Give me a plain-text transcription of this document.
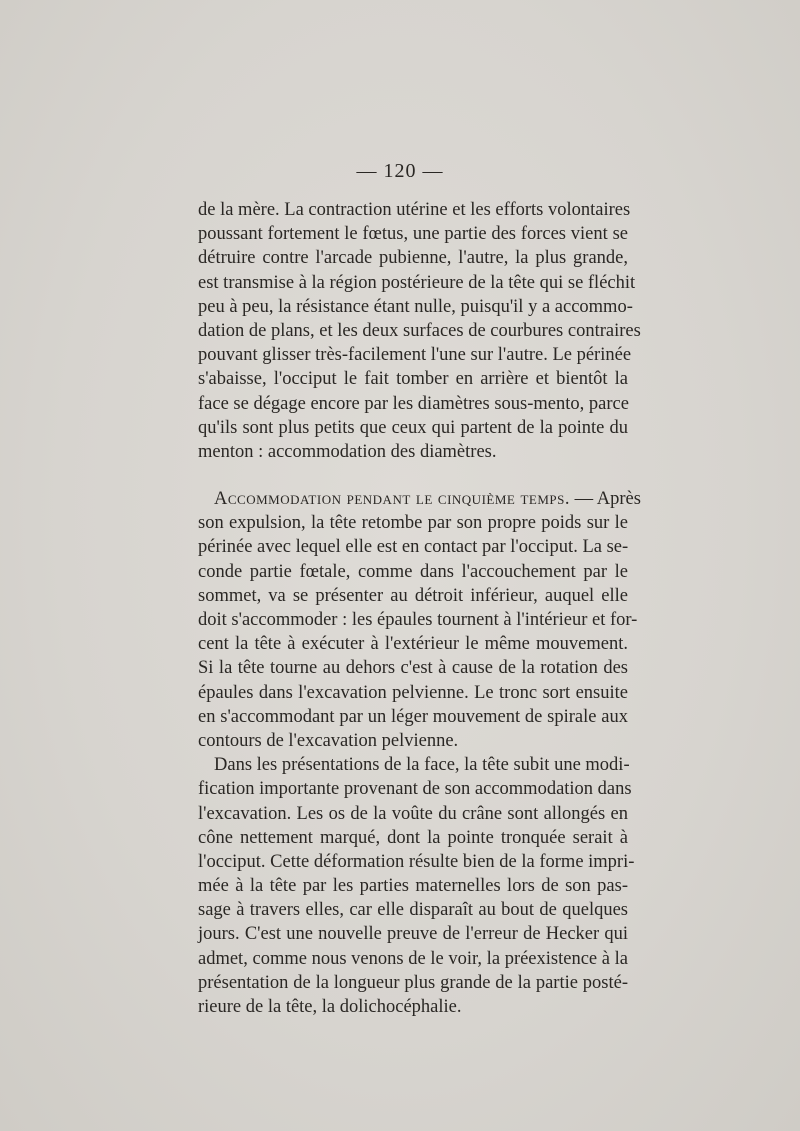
— 120 —
de la mère. La contraction utérine et les efforts volontaires
poussant fortement le fœtus, une partie des forces vient se
détruire contre l'arcade pubienne, l'autre, la plus grande,
est transmise à la région postérieure de la tête qui se fléchit
peu à peu, la résistance étant nulle, puisqu'il y a accommo-
dation de plans, et les deux surfaces de courbures contraires
pouvant glisser très-facilement l'une sur l'autre. Le périnée
s'abaisse, l'occiput le fait tomber en arrière et bientôt la
face se dégage encore par les diamètres sous-mento, parce
qu'ils sont plus petits que ceux qui partent de la pointe du
menton : accommodation des diamètres.
Accommodation pendant le cinquième temps. — Après
son expulsion, la tête retombe par son propre poids sur le
périnée avec lequel elle est en contact par l'occiput. La se-
conde partie fœtale, comme dans l'accouchement par le
sommet, va se présenter au détroit inférieur, auquel elle
doit s'accommoder : les épaules tournent à l'intérieur et for-
cent la tête à exécuter à l'extérieur le même mouvement.
Si la tête tourne au dehors c'est à cause de la rotation des
épaules dans l'excavation pelvienne. Le tronc sort ensuite
en s'accommodant par un léger mouvement de spirale aux
contours de l'excavation pelvienne.
Dans les présentations de la face, la tête subit une modi-
fication importante provenant de son accommodation dans
l'excavation. Les os de la voûte du crâne sont allongés en
cône nettement marqué, dont la pointe tronquée serait à
l'occiput. Cette déformation résulte bien de la forme impri-
mée à la tête par les parties maternelles lors de son pas-
sage à travers elles, car elle disparaît au bout de quelques
jours. C'est une nouvelle preuve de l'erreur de Hecker qui
admet, comme nous venons de le voir, la préexistence à la
présentation de la longueur plus grande de la partie posté-
rieure de la tête, la dolichocéphalie.
